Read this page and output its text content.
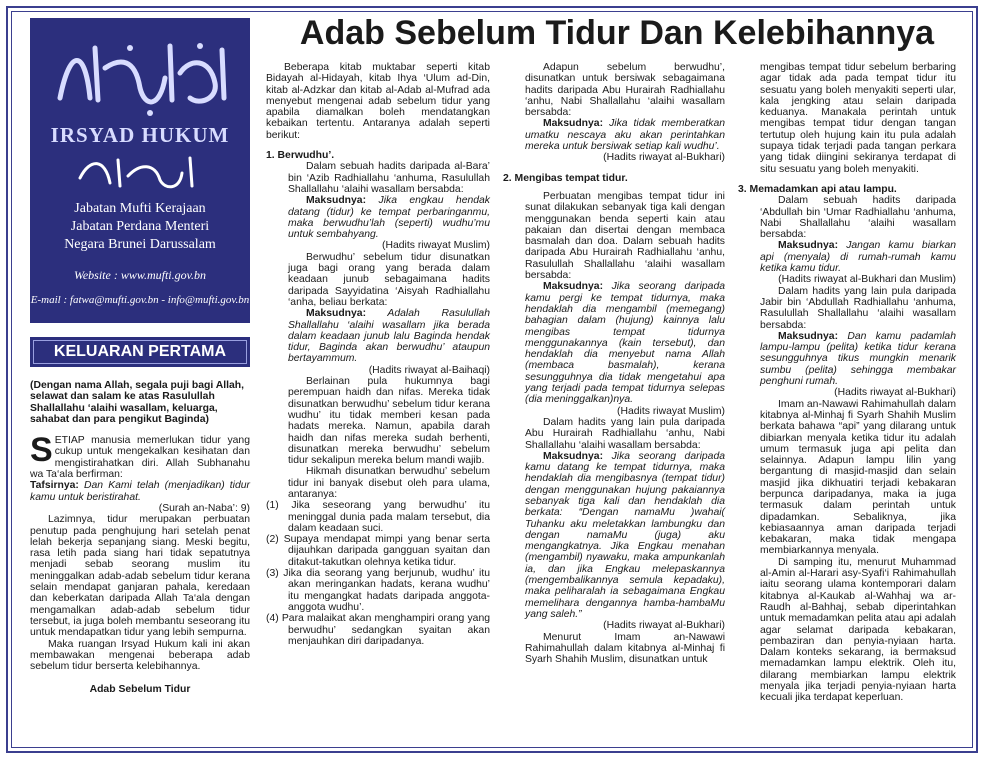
IRSYAD HUKUM
Jabatan Mufti Kerajaan
Jabatan Perdana Menteri
Negara Brunei Darussalam
Website : www.mufti.gov.bn
E-mail : fatwa@mufti.gov.bn - info@mufti.gov.bn
KELUARAN PERTAMA
Adab Sebelum Tidur Dan Kelebihannya

(Dengan nama Allah, segala puji bagi Allah, selawat dan salam ke atas Rasulullah Shallallahu ‘alaihi wasallam, keluarga, sahabat dan para pengikut Baginda)

SETIAP manusia memerlukan tidur yang cukup untuk mengekalkan kesihatan dan mengistirahatkan diri. Allah Subhanahu wa Ta‘ala berfirman:

Tafsirnya: Dan Kami telah (menjadikan) tidur kamu untuk beristirahat.

(Surah an-Naba’: 9)

Lazimnya, tidur merupakan perbuatan penutup pada penghujung hari setelah penat lelah bekerja sepanjang siang. Meski begitu, rasa letih pada siang hari tidak sepatutnya menjadi sebab seorang muslim itu meninggalkan adab-adab sebelum tidur kerana selain mendapat ganjaran pahala, keredaan dan keberkatan daripada Allah Ta‘ala dengan mengamalkan adab-adab sebelum tidur tersebut, ia juga boleh membantu seseorang itu untuk mendapatkan tidur yang lebih sempurna.

Maka ruangan Irsyad Hukum kali ini akan membawakan mengenai beberapa adab sebelum tidur berserta kelebihannya.

Adab Sebelum Tidur

Beberapa kitab muktabar seperti kitab Bidayah al-Hidayah, kitab Ihya ‘Ulum ad-Din, kitab al-Adzkar dan kitab al-Adab al-Mufrad ada menyebut mengenai adab sebelum tidur yang apabila diamalkan boleh mendatangkan kebaikan tertentu. Antaranya adalah seperti berikut:

1. Berwudhu’.

Dalam sebuah hadits daripada al-Bara’ bin ‘Azib Radhiallahu ‘anhuma, Rasulullah Shallallahu ‘alaihi wasallam bersabda:

Maksudnya: Jika engkau hendak datang (tidur) ke tempat perbaringanmu, maka berwudhu’lah (seperti) wudhu’mu untuk sembahyang.

(Hadits riwayat Muslim)

Berwudhu’ sebelum tidur disunatkan juga bagi orang yang berada dalam keadaan junub sebagaimana hadits daripada Sayyidatina ‘Aisyah Radhiallahu ‘anha, beliau berkata:

Maksudnya: Adalah Rasulullah Shallallahu ‘alaihi wasallam jika berada dalam keadaan junub lalu Baginda hendak tidur, Baginda akan berwudhu’ ataupun bertayammum.

(Hadits riwayat al-Baihaqi)

Berlainan pula hukumnya bagi perempuan haidh dan nifas. Mereka tidak disunatkan berwudhu’ sebelum tidur kerana wudhu’ itu tidak memberi kesan pada hadats mereka. Namun, apabila darah haidh dan nifas mereka sudah berhenti, disunatkan mereka berwudhu’ sebelum tidur sekalipun mereka belum mandi wajib.

Hikmah disunatkan berwudhu’ sebelum tidur ini banyak disebut oleh para ulama, antaranya:

(1) Jika seseorang yang berwudhu’ itu meninggal dunia pada malam tersebut, dia dalam keadaan suci.

(2) Supaya mendapat mimpi yang benar serta dijauhkan daripada gangguan syaitan dan ditakut-takutkan olehnya ketika tidur.

(3) Jika dia seorang yang berjunub, wudhu’ itu akan meringankan hadats, kerana wudhu’ itu mengangkat hadats daripada anggota-anggota wudhu’.

(4) Para malaikat akan menghampiri orang yang berwudhu’ sedangkan syaitan akan menjauhkan diri daripadanya.

Adapun sebelum berwudhu’, disunatkan untuk bersiwak sebagaimana hadits daripada Abu Hurairah Radhiallahu ‘anhu, Nabi Shallallahu ‘alaihi wasallam bersabda:

Maksudnya: Jika tidak memberatkan umatku nescaya aku akan perintahkan mereka untuk bersiwak setiap kali wudhu’.

(Hadits riwayat al-Bukhari)

2. Mengibas tempat tidur.

Perbuatan mengibas tempat tidur ini sunat dilakukan sebanyak tiga kali dengan menggunakan benda seperti kain atau pakaian dan disertai dengan membaca basmalah dan doa. Dalam sebuah hadits daripada Abu Hurairah Radhiallahu ‘anhu, Rasulullah Shallallahu ‘alaihi wasallam bersabda:

Maksudnya: Jika seorang daripada kamu pergi ke tempat tidurnya, maka hendaklah dia mengambil (memegang) bahagian dalam (hujung) kainnya lalu mengibas tempat tidurnya menggunakannya (kain tersebut), dan hendaklah dia menyebut nama Allah (membaca basmalah), kerana sesungguhnya dia tidak mengetahui apa yang terjadi pada tempat tidurnya selepas (dia meninggalkan)nya.

(Hadits riwayat Muslim)

Dalam hadits yang lain pula daripada Abu Hurairah Radhiallahu ‘anhu, Nabi Shallallahu ‘alaihi wasallam bersabda:

Maksudnya: Jika seorang daripada kamu datang ke tempat tidurnya, maka hendaklah dia mengibasnya (tempat tidur) dengan menggunakan hujung pakaiannya sebanyak tiga kali dan hendaklah dia berkata: “Dengan namaMu )wahai( Tuhanku aku meletakkan lambungku dan dengan namaMu (juga) aku mengangkatnya. Jika Engkau menahan (mengambil) nyawaku, maka ampunkanlah ia, dan jika Engkau melepaskannya (mengembalikannya semula kepadaku), maka peliharalah ia sebagaimana Engkau memelihara dengannya hamba-hambaMu yang saleh.”

(Hadits riwayat al-Bukhari)

Menurut Imam an-Nawawi Rahimahullah dalam kitabnya al-Minhaj fi Syarh Shahih Muslim, disunatkan untuk

mengibas tempat tidur sebelum berbaring agar tidak ada pada tempat tidur itu sesuatu yang boleh menyakiti seperti ular, kala jengking atau selain daripada keduanya. Manakala perintah untuk mengibas tempat tidur dengan tangan tertutup oleh hujung kain itu pula adalah supaya tidak terjadi pada tangan perkara yang tidak diingini sekiranya terdapat di situ sesuatu yang boleh menyakiti.

3. Memadamkan api atau lampu.

Dalam sebuah hadits daripada ‘Abdullah bin ‘Umar Radhiallahu ‘anhuma, Nabi Shallallahu ‘alaihi wasallam bersabda:

Maksudnya: Jangan kamu biarkan api (menyala) di rumah-rumah kamu ketika kamu tidur.

(Hadits riwayat al-Bukhari dan Muslim)

Dalam hadits yang lain pula daripada Jabir bin ‘Abdullah Radhiallahu ‘anhuma, Rasulullah Shallallahu ‘alaihi wasallam bersabda:

Maksudnya: Dan kamu padamlah lampu-lampu (pelita) ketika tidur kerana sesungguhnya tikus mungkin menarik sumbu (pelita) sehingga membakar penghuni rumah.

(Hadits riwayat al-Bukhari)

Imam an-Nawawi Rahimahullah dalam kitabnya al-Minhaj fi Syarh Shahih Muslim berkata bahawa “api” yang dilarang untuk dibiarkan menyala ketika tidur itu adalah umum termasuk juga api pelita dan selainnya. Adapun lampu lilin yang bergantung di masjid-masjid dan selain masjid jika dikhuatiri terjadi kebakaran berpunca daripadanya, maka ia juga termasuk dalam perintah untuk dipadamkan. Sebaliknya, jika kebiasaannya aman daripada terjadi kebakaran, maka tidak mengapa membiarkannya menyala.

Di samping itu, menurut Muhammad al-Amin al-Harari asy-Syafi‘i Rahimahullah iaitu seorang ulama kontemporari dalam kitabnya al-Kaukab al-Wahhaj wa ar-Raudh al-Bahhaj, sebab diperintahkan untuk memadamkan pelita atau api adalah agar selamat daripada kebakaran, pembaziran dan penyia-nyiaan harta. Dalam konteks sekarang, ia bermaksud memadamkan lampu elektrik. Oleh itu, dilarang membiarkan lampu elektrik menyala jika terjadi penyia-nyiaan harta kecuali jika terdapat keperluan.
